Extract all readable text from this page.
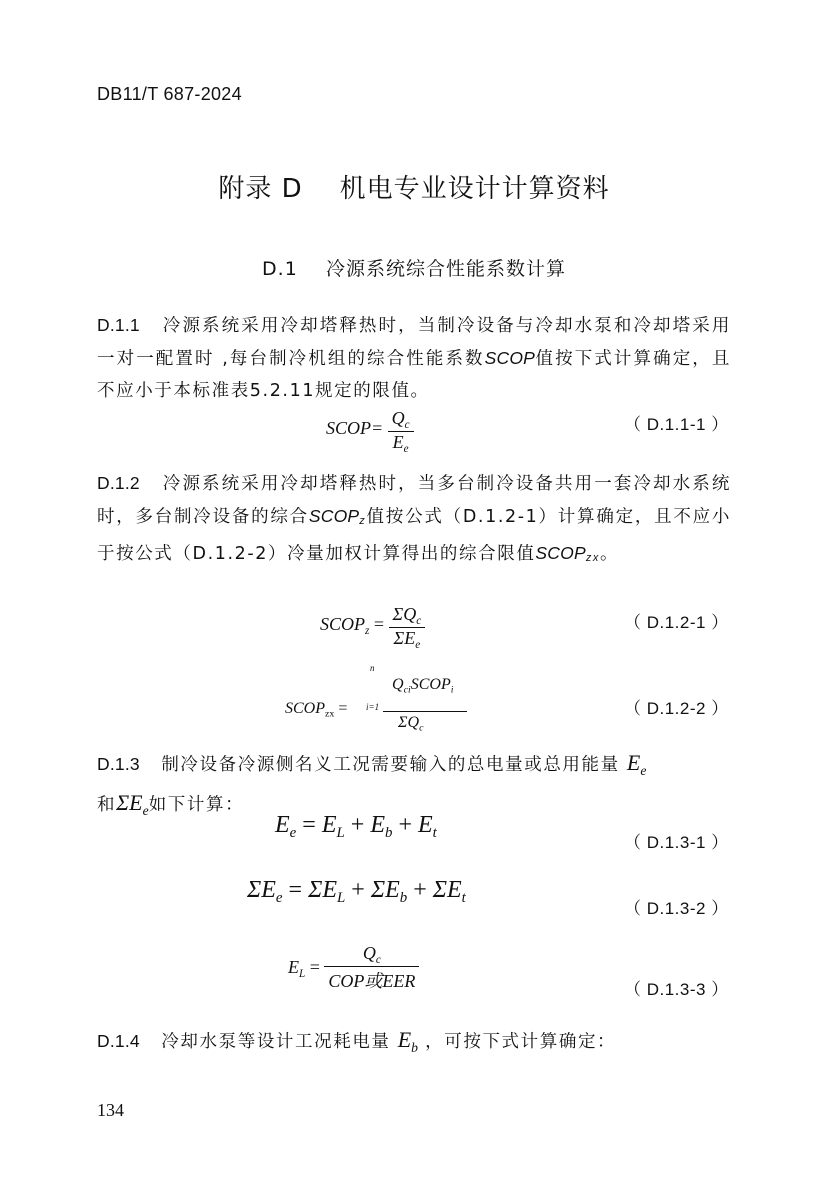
DB11/T 687-2024
附录 D    机电专业设计计算资料
D.1    冷源系统综合性能系数计算
D.1.1 冷源系统采用冷却塔释热时，当制冷设备与冷却水泵和冷却塔采用一对一配置时 ,每台制冷机组的综合性能系数SCOP值按下式计算确定，且不应小于本标准表5.2.11规定的限值。
SCOP= $\frac{Q_c}{E_e}$	（ D.1.1-1 ）
D.1.2 冷源系统采用冷却塔释热时，当多台制冷设备共用一套冷却水系统时，多台制冷设备的综合SCOPz值按公式（D.1.2-1）计算确定，且不应小于按公式（D.1.2-2）冷量加权计算得出的综合限值SCOPzx。
$SCOP_z = \frac{\Sigma Q_c}{\Sigma E_e}$	（ D.1.2-1 ）
n
$SCOP_{zx} = i=1$
$Q_{ci}SCOP_i$
$\Sigma Q_c$
（ D.1.2-2 ）
D.1.3 制冷设备冷源侧名义工况需要输入的总电量或总用能量 $E_e$
和$\Sigma E_e$如下计算：
$E_e = E_L + E_b + E_t$	（ D.1.3-1 ）
$\Sigma E_e = \Sigma E_L + \Sigma E_b + \Sigma E_t$
（ D.1.3-2 ）
$E_L = \frac{Q_c}{\text{COP或EER}}$	（ D.1.3-3 ）
D.1.4 冷却水泵等设计工况耗电量 $E_b$ ，可按下式计算确定：
134
